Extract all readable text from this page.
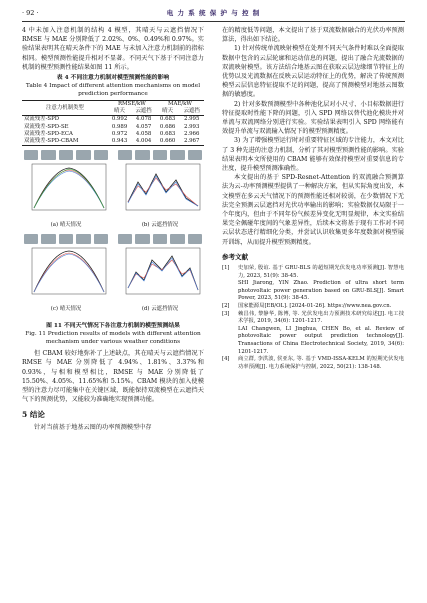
· 92 ·	电 力 系 统 保 护 与 控 制

4 中未加入注意机制的结构 4 模型，其晴天与云遮挡情况下 RMSE 与 MAE 分别降低了 2.02%、0%、0.49%和 0.97%。实验结果表明其在晴天条件下的 MAE 与未加入注意力机制前的指标相同。模型预测性能提升相对不显著。不同天气下基于不同注意力机制的模型预测性能结果如图 11 所示。

表 4 不同注意力机制对模型预测性能的影响
Table 4 Impact of different attention mechanisms on model prediction performance
注意力机制类型	RMSE/kW		MAE/kW	
	晴天	云遮挡	晴天	云遮挡
双流残差-SPD	0.992	4.078	0.683	2.995
双流残差-SPD-SE	0.989	4.057	0.686	2.993
双流残差-SPD-ECA	0.972	4.058	0.683	2.966
双流残差-SPD-CBAM	0.943	4.004	0.660	2.967
(a) 晴天情况	(b) 云遮挡情况
(c) 晴天情况	(d) 云遮挡情况
图 11 不同天气情况下各注意力机制的模型预测结果
Fig. 11 Prediction results of models with different attention
mechanism under various weather conditions

但 CBAM 较好地弥补了上述缺点，其在晴天与云遮挡情况下 RMSE 与 MAE 分别降低了 4.94%、1.81%、3.37%和 0.93%，与相和模型相比，RMSE 与 MAE 分别降低了 15.50%、4.05%、11.65%和 5.15%。CBAM 模块的加入使模型的注意力尽可能集中在关键区域，既能保持双流模型在云遮挡天气下的预测优势，又能较为准确地实现预测功能。

5 结论

针对当前基于地基云图的功率预测模型中存

在的精度低等问题，本文提出了基于双流数据融合的光伏功率预测算法，得出如下结论。

1) 针对传统单流映射模型在处理不同天气条件时难以全面提取数据中包含的云层轮廓和运动信息的问题，提出了融合光流数据的双流映射模型。该方法结合地基云图在获取云层边缘细节特征上的优势以及光流数据在反映云层运动特征上的优势，解决了传统预测模型云层信息特征提取不足的问题，提高了预测模型对地基云图数据的敏感度。

2) 针对多数预测模型中各种池化层对小尺寸、小目标数据进行特征提取时性能下降的问题，引入 SPD 网络以替代池化模块并对单流与双流网络分别进行实验。实验结果表明引入 SPD 网络能有效提升单流与双流输入情况下的模型预测精度。

3) 为了增强模型运行时对重要特征区域的专注能力，本文对比了 3 种先进的注意力机制，分析了其对模型预测性能的影响。实验结果表明本文所使用的 CBAM 能够有效保持模型对重要信息的专注度，提升模型预测准确性。

本文提出的基于 SPD-Resnet-Attention 的双流融合预测算法为云-功率预测模型提供了一种解决方案，但从实际角度出发，本文模型在多云天气情况下的预测性能还相对较弱，在少数情况下无法完全预测云层遮挡对光伏功率输出的影响；实验数据仅局限于一个年度内，但由于不同年份气候差异变化无明显规律，本文实验结果完全佩碰年度间的气象差异性，后续本文将基于现有工作对不同云层状态进行精细化分类，并尝试认识收集更多年度数据对模型展开训练，从而提升模型预测精度。

参考文献
[1]	史加荣, 殷谊. 基于 GRU-BLS 的超短期光伏发电功率预测[J]. 智慧电力, 2023, 51(9): 38-45.
SHI Jiarong, YIN Zhao. Prediction of ultra short term photovoltaic power generation based on GRU-BLS[J]. Smart Power, 2023, 51(9): 38-45.
[2]	国家能源局[EB/OL]. [2024-01-26]. https://www.nea.gov.cn.
[3]	赖昌伟, 黎静华, 陈博, 等. 光伏发电出力预测技术研究综述[J]. 电工技术学报, 2019, 34(6): 1201-1217.
LAI Changwen, LI Jinghua, CHEN Bo, et al. Review of photovoltaic power output prediction technology[J]. Transactions of China Electrotechnical Society, 2019, 34(6): 1201-1217.
[4]	商立群, 李洪波, 侯亚东, 等. 基于 VMD-ISSA-KELM 的短期光伏发电功率预测[J]. 电力系统保护与控制, 2022, 50(21): 138-148.
